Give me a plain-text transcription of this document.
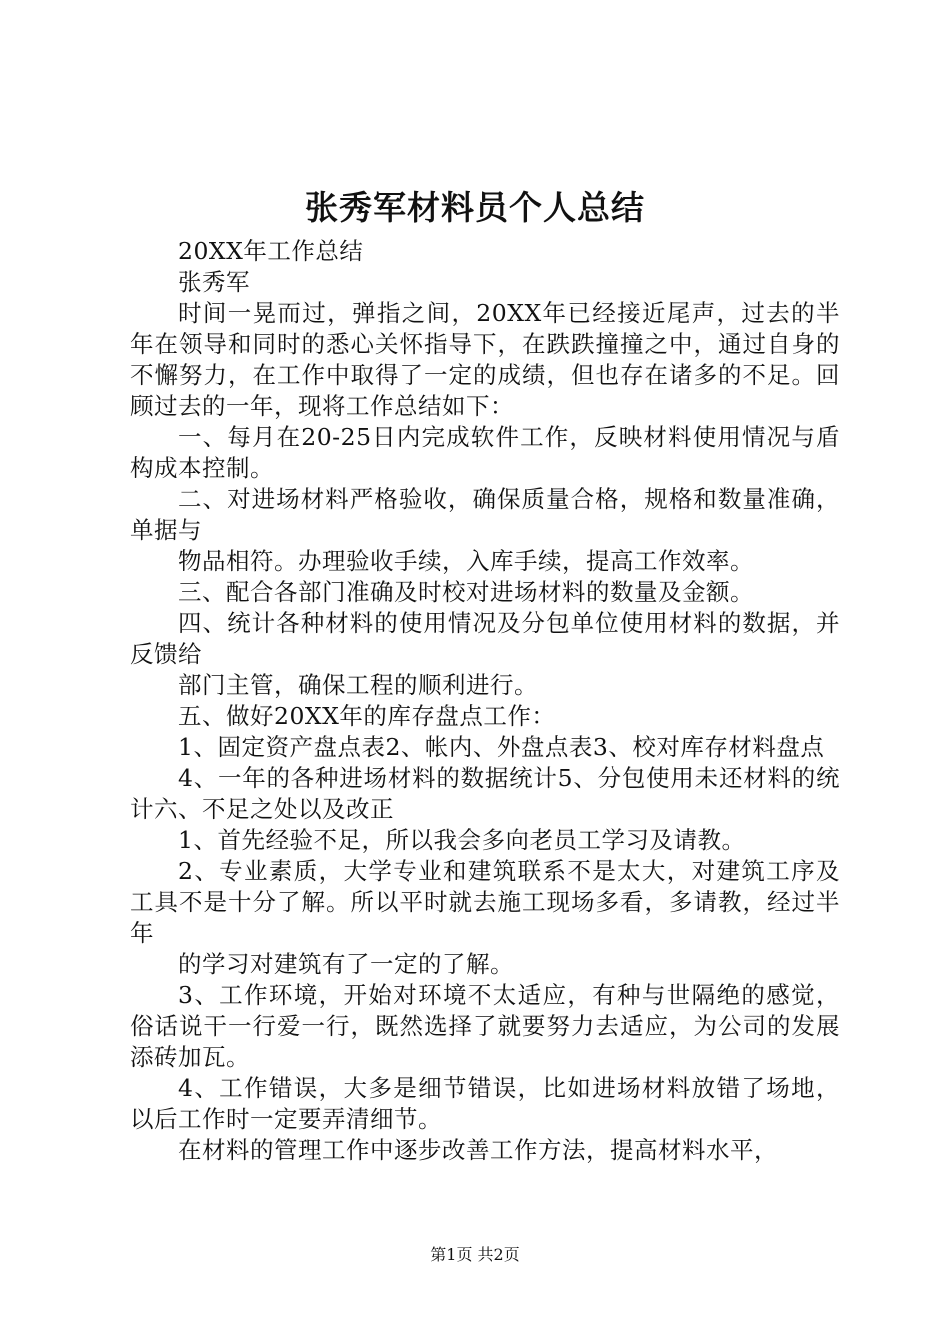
张秀军材料员个人总结

20XX年工作总结

张秀军

时间一晃而过，弹指之间，20XX年已经接近尾声，过去的半年在领导和同时的悉心关怀指导下，在跌跌撞撞之中，通过自身的不懈努力，在工作中取得了一定的成绩，但也存在诸多的不足。回顾过去的一年，现将工作总结如下：

一、每月在20-25日内完成软件工作，反映材料使用情况与盾构成本控制。

二、对进场材料严格验收，确保质量合格，规格和数量准确，单据与

物品相符。办理验收手续，入库手续，提高工作效率。

三、配合各部门准确及时校对进场材料的数量及金额。

四、统计各种材料的使用情况及分包单位使用材料的数据，并反馈给

部门主管，确保工程的顺利进行。

五、做好20XX年的库存盘点工作：

1、固定资产盘点表2、帐内、外盘点表3、校对库存材料盘点

4、一年的各种进场材料的数据统计5、分包使用未还材料的统计六、不足之处以及改正

1、首先经验不足，所以我会多向老员工学习及请教。

2、专业素质，大学专业和建筑联系不是太大，对建筑工序及工具不是十分了解。所以平时就去施工现场多看，多请教，经过半年

的学习对建筑有了一定的了解。

3、工作环境，开始对环境不太适应，有种与世隔绝的感觉，俗话说干一行爱一行，既然选择了就要努力去适应，为公司的发展添砖加瓦。

4、工作错误，大多是细节错误，比如进场材料放错了场地，以后工作时一定要弄清细节。

在材料的管理工作中逐步改善工作方法，提高材料水平，

第1页 共2页
